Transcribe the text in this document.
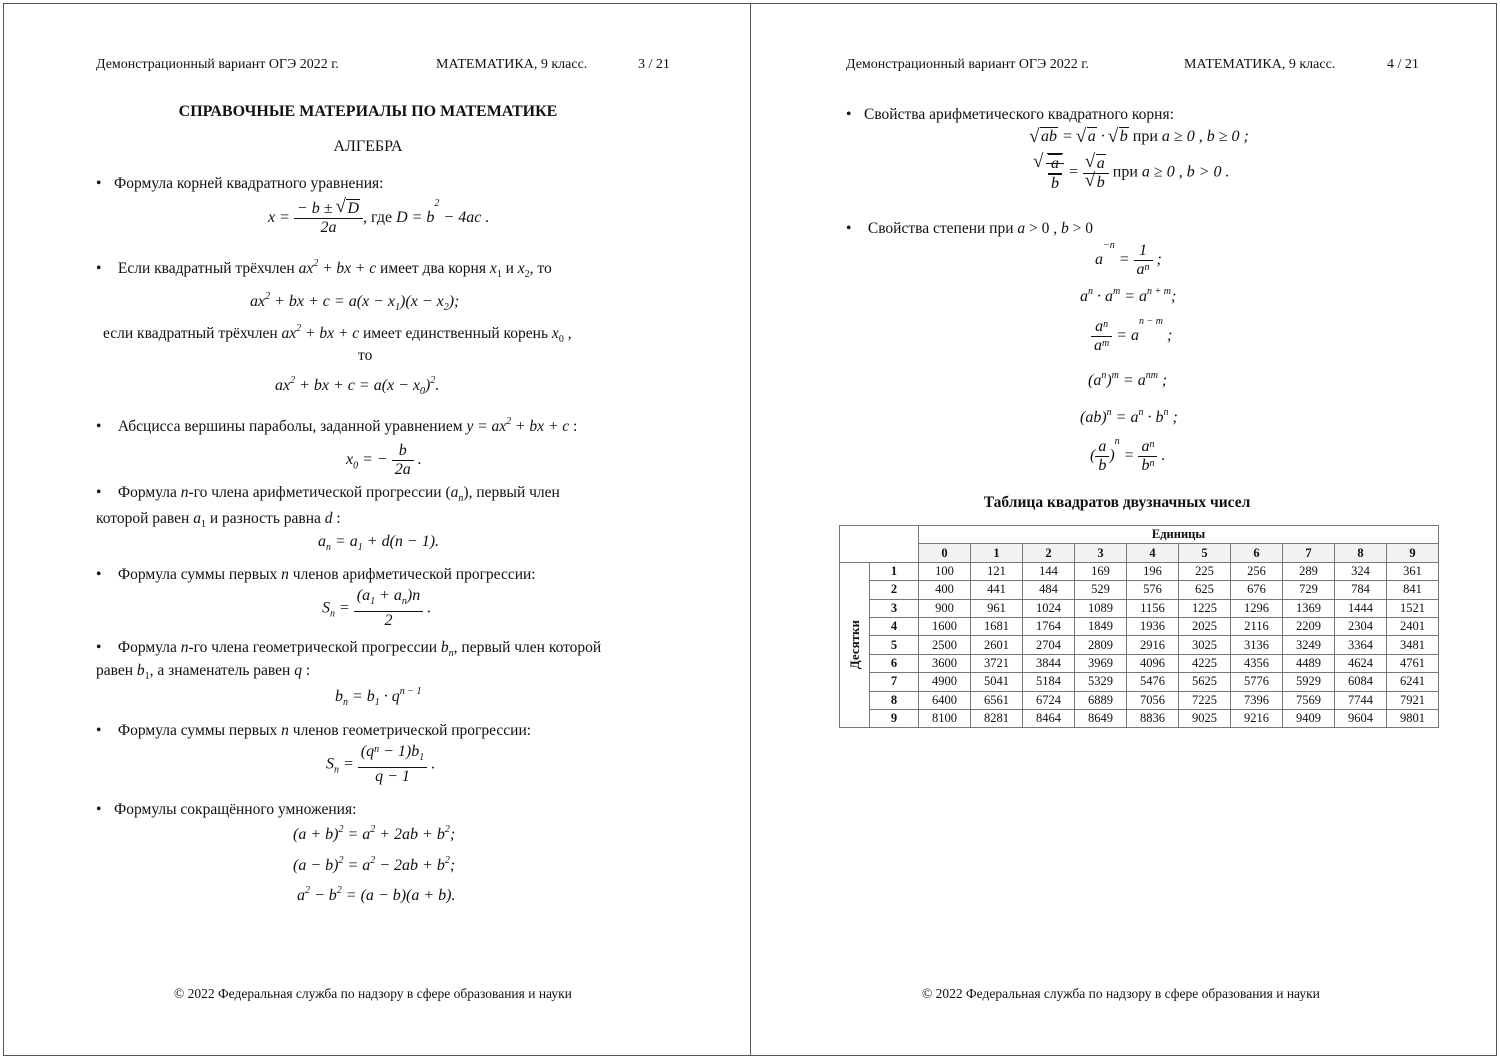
Демонстрационный вариант ОГЭ 2022 г.	МАТЕМАТИКА, 9 класс.	3 / 21
СПРАВОЧНЫЕ МАТЕРИАЛЫ ПО МАТЕМАТИКЕ
АЛГЕБРА
• Формула корней квадратного уравнения:
$x = \frac{- b \pm √ D}{2a}$ , где $D = b^2 - 4ac$ .
• Если квадратный трёхчлен $ax^2$ + bx + c имеет два корня $x_1$ и $x_2$, то
$ax^2$ + bx + $c = a(x - x_1)(x - x_2)$;
если квадратный трёхчлен $ax^2$ + bx + c имеет единственный корень $x_0$ ,
то
$ax^2$ + bx + $c = a(x - x_0)^2$.
• Абсцисса вершины параболы, заданной уравнением $y = ax^2$ + bx + c :
$x_0$ = − $\frac{b}{2a}$ .
• Формула n-го члена арифметической прогрессии $(a_n)$, первый член
которой равен $a_1$ и разность равна d :
$a_n = a_1 + d(n - 1)$.
• Формула суммы первых n членов арифметической прогрессии:
$S_n = \frac{(a_1 + a_n)n}{2}$ .
• Формула n-го члена геометрической прогрессии $b_n$, первый член которой
равен $b_1$, а знаменатель равен q :
$b_n = b_1 \cdot q^{n - 1}$
• Формула суммы первых n членов геометрической прогрессии:
$S_n = \frac{(q^n - 1)b_1}{q - 1}$ .
• Формулы сокращённого умножения:
$(a + b)^2 = a^2 + 2ab + b^2$;
$(a - b)^2 = a^2 - 2ab + b^2$;
$a^2 - b^2 = (a - b)(a + b)$.
© 2022 Федеральная служба по надзору в сфере образования и науки
Демонстрационный вариант ОГЭ 2022 г.	МАТЕМАТИКА, 9 класс.	4 / 21
• Свойства арифметического квадратного корня:
√ ab = √ a · √ b при a ≥ 0 , b ≥ 0 ;
√ $\frac{a}{b}$ = √ a
√ b при a ≥ 0 , b > 0 .
• Свойства степени при a > 0 , b > 0
$a^{-n} = \frac{1}{a^n}$ ;
$a^n \cdot a^m = a^{n + m}$;
$\frac{a^n}{a^m} = a^{n - m}$ ;
$(a^n)^m = a^{nm}$ ;
$(ab)^n = a^n \cdot b^n$ ;
( $\frac{a}{b} )^n = \frac{a^n}{b^n}$ .
Таблица квадратов двузначных чисел
		Единицы									
		0	1	2	3	4	5	6	7	8	9

Десятки	1	100	121	144	169	196	225	256	289	324	361
	2	400	441	484	529	576	625	676	729	784	841
	3	900	961	1024	1089	1156	1225	1296	1369	1444	1521
	4	1600	1681	1764	1849	1936	2025	2116	2209	2304	2401
	5	2500	2601	2704	2809	2916	3025	3136	3249	3364	3481
	6	3600	3721	3844	3969	4096	4225	4356	4489	4624	4761
	7	4900	5041	5184	5329	5476	5625	5776	5929	6084	6241
	8	6400	6561	6724	6889	7056	7225	7396	7569	7744	7921
	9	8100	8281	8464	8649	8836	9025	9216	9409	9604	9801
© 2022 Федеральная служба по надзору в сфере образования и науки
